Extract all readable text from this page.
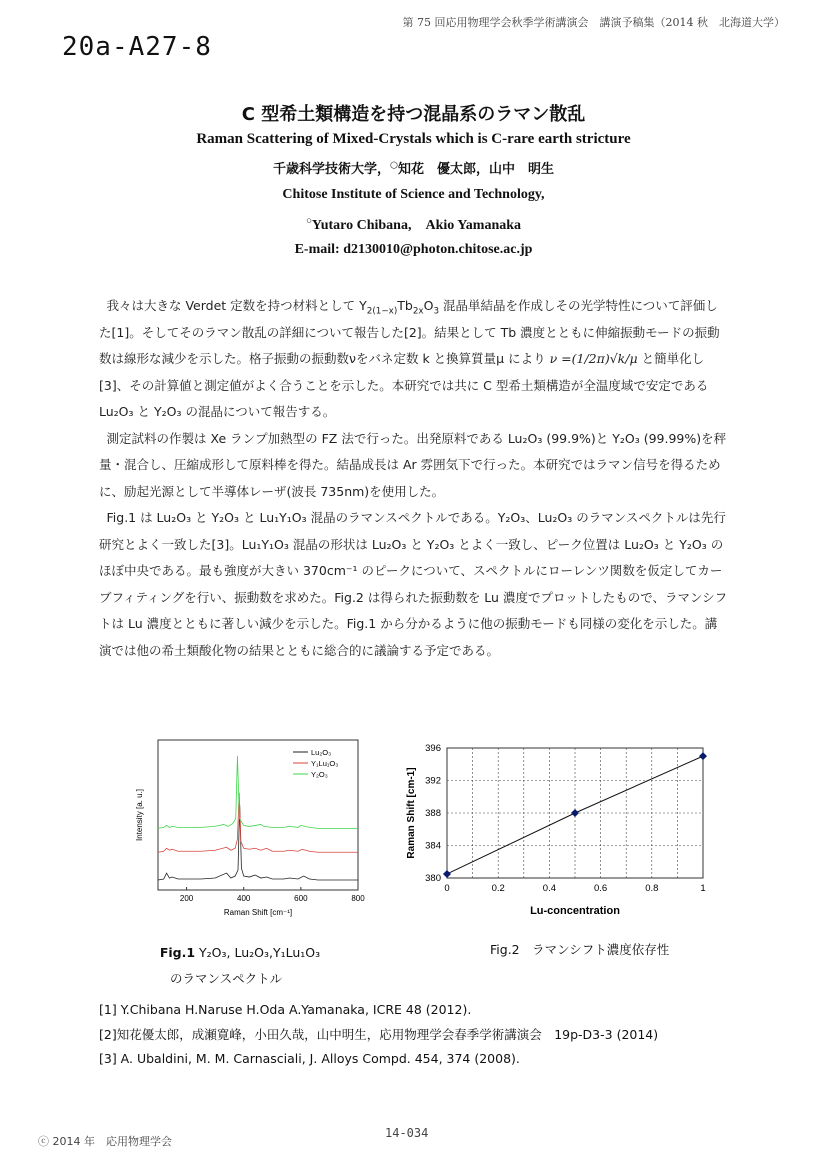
第 75 回応用物理学会秋季学術講演会　講演予稿集（2014 秋　北海道大学）
20a-A27-8
C 型希土類構造を持つ混晶系のラマン散乱
Raman Scattering of Mixed-Crystals which is C-rare earth stricture
千歳科学技術大学，○知花　優太郎，山中　明生
Chitose Institute of Science and Technology,
○Yutaro Chibana,　Akio Yamanaka
E-mail: d2130010@photon.chitose.ac.jp

我々は大きな Verdet 定数を持つ材料として $Y_{2(1-x)}Tb_{2x}O_3$ 混晶単結晶を作成しその光学特性について評価した[1]。そしてそのラマン散乱の詳細について報告した[2]。結果として Tb 濃度とともに伸縮振動モードの振動数は線形な減少を示した。格子振動の振動数νをバネ定数 k と換算質量μ により ν =(1/2π)√k/μ と簡単化し[3]、その計算値と測定値がよく合うことを示した。本研究では共に C 型希土類構造が全温度域で安定である Lu₂O₃ と Y₂O₃ の混晶について報告する。

測定試料の作製は Xe ランプ加熱型の FZ 法で行った。出発原料である Lu₂O₃ (99.9%)と Y₂O₃ (99.99%)を秤量・混合し、圧縮成形して原料棒を得た。結晶成長は Ar 雰囲気下で行った。本研究ではラマン信号を得るために、励起光源として半導体レーザ(波長 735nm)を使用した。

Fig.1 は Lu₂O₃ と Y₂O₃ と Lu₁Y₁O₃ 混晶のラマンスペクトルである。Y₂O₃、Lu₂O₃ のラマンスペクトルは先行研究とよく一致した[3]。Lu₁Y₁O₃ 混晶の形状は Lu₂O₃ と Y₂O₃ とよく一致し、ピーク位置は Lu₂O₃ と Y₂O₃ のほぼ中央である。最も強度が大きい 370cm⁻¹ のピークについて、スペクトルにローレンツ関数を仮定してカーブフィティングを行い、振動数を求めた。Fig.2 は得られた振動数を Lu 濃度でプロットしたもので、ラマンシフトは Lu 濃度とともに著しい減少を示した。Fig.1 から分かるように他の振動モードも同様の変化を示した。講演では他の希土類酸化物の結果とともに総合的に議論する予定である。

200	400	600	800
Lu₂O₃
Y₁Lu₁O₃
Y₂O₃
Raman Shift [cm⁻¹]
Intensity [a. u.]
0	0.2	0.4	0.6	0.8	1
380
384
388
392
396
Lu-concentration
Raman Shift [cm-1]
Fig.1 Y₂O₃, Lu₂O₃,Y₁Lu₁O₃
のラマンスペクトル
Fig.2　ラマンシフト濃度依存性
[1] Y.Chibana H.Naruse H.Oda A.Yamanaka, ICRE 48 (2012).
[2]知花優太郎，成瀬寛峰，小田久哉，山中明生，応用物理学会春季学術講演会　19p-D3-3 (2014)
[3] A. Ubaldini, M. M. Carnasciali, J. Alloys Compd. 454, 374 (2008).
ⓒ 2014 年　応用物理学会
14-034
